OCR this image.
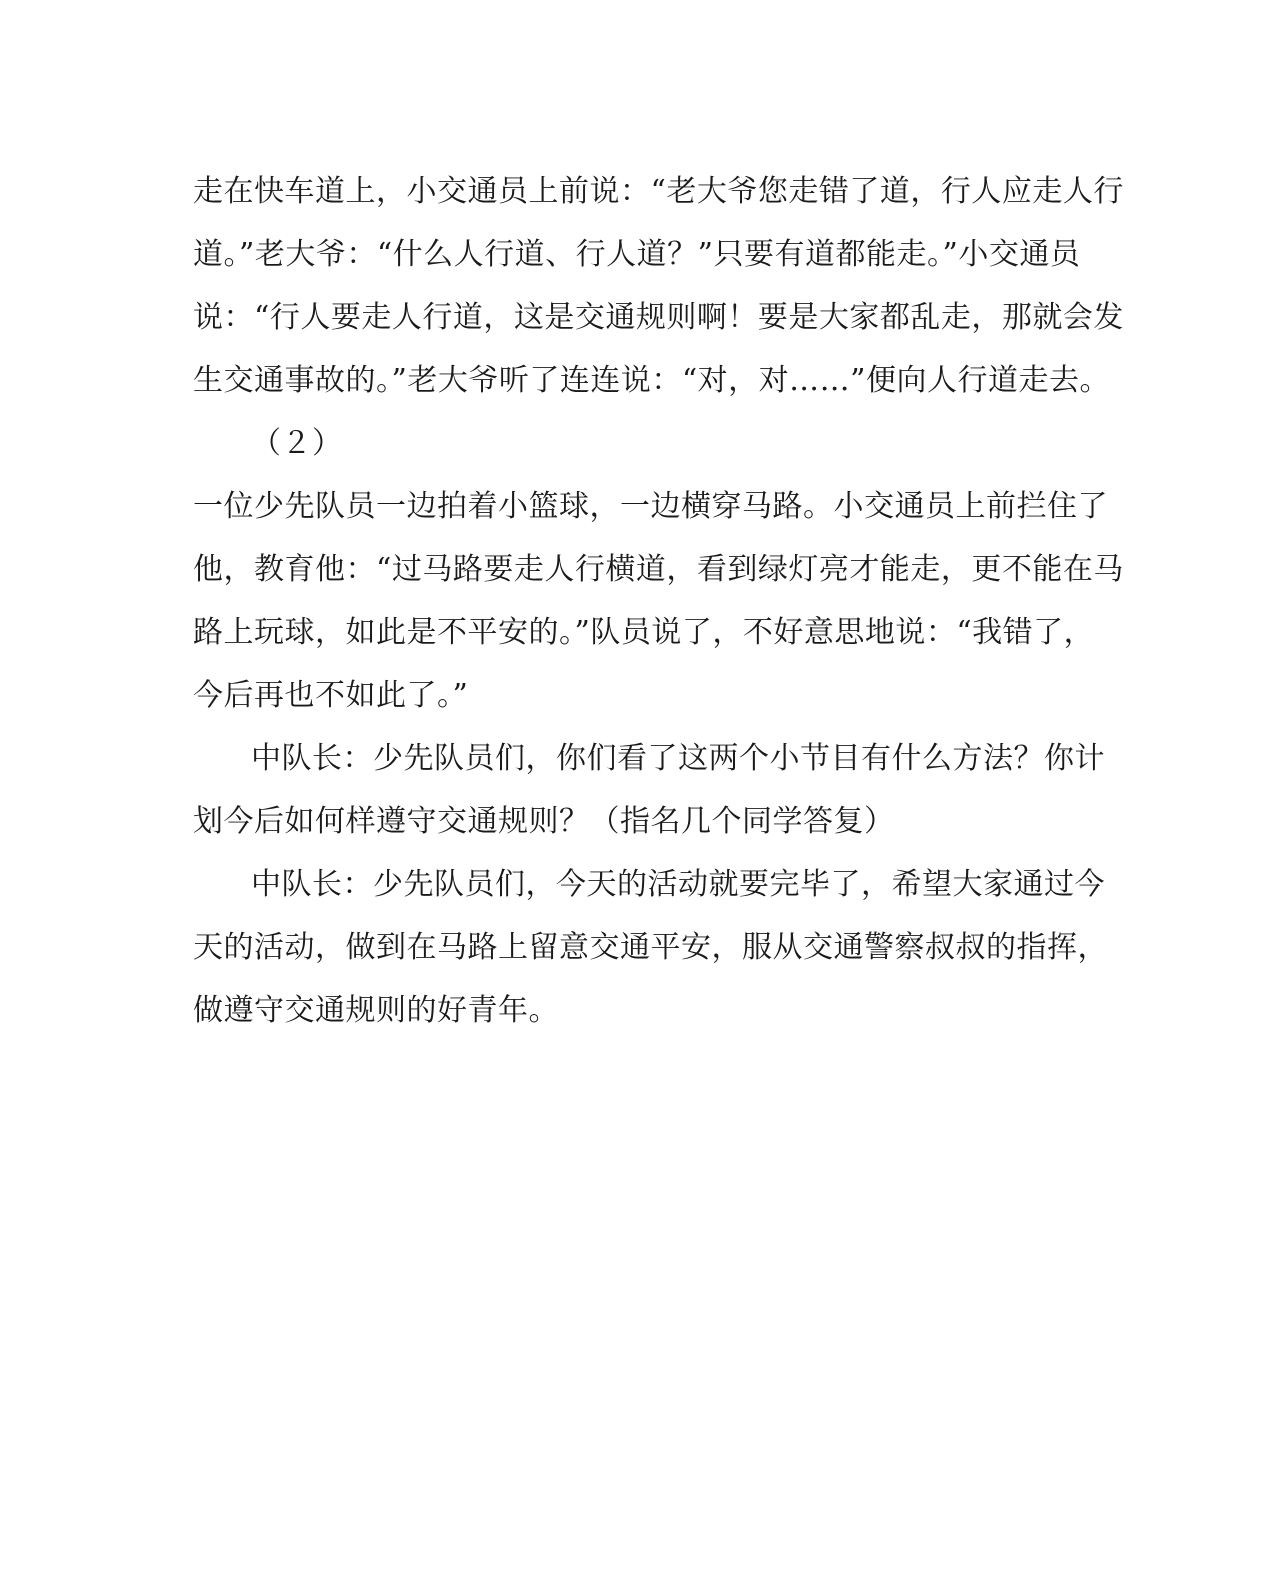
走在快车道上，小交通员上前说：“老大爷您走错了道，行人应走人行
道。”老大爷：“什么人行道、行人道？”只要有道都能走。”小交通员
说：“行人要走人行道，这是交通规则啊！要是大家都乱走，那就会发
生交通事故的。”老大爷听了连连说：“对，对……”便向人行道走去。
（２）
一位少先队员一边拍着小篮球，一边横穿马路。小交通员上前拦住了
他，教育他：“过马路要走人行横道，看到绿灯亮才能走，更不能在马
路上玩球，如此是不平安的。”队员说了，不好意思地说：“我错了，
今后再也不如此了。”
中队长：少先队员们，你们看了这两个小节目有什么方法？你计
划今后如何样遵守交通规则？（指名几个同学答复）
中队长：少先队员们，今天的活动就要完毕了，希望大家通过今
天的活动，做到在马路上留意交通平安，服从交通警察叔叔的指挥，
做遵守交通规则的好青年。
